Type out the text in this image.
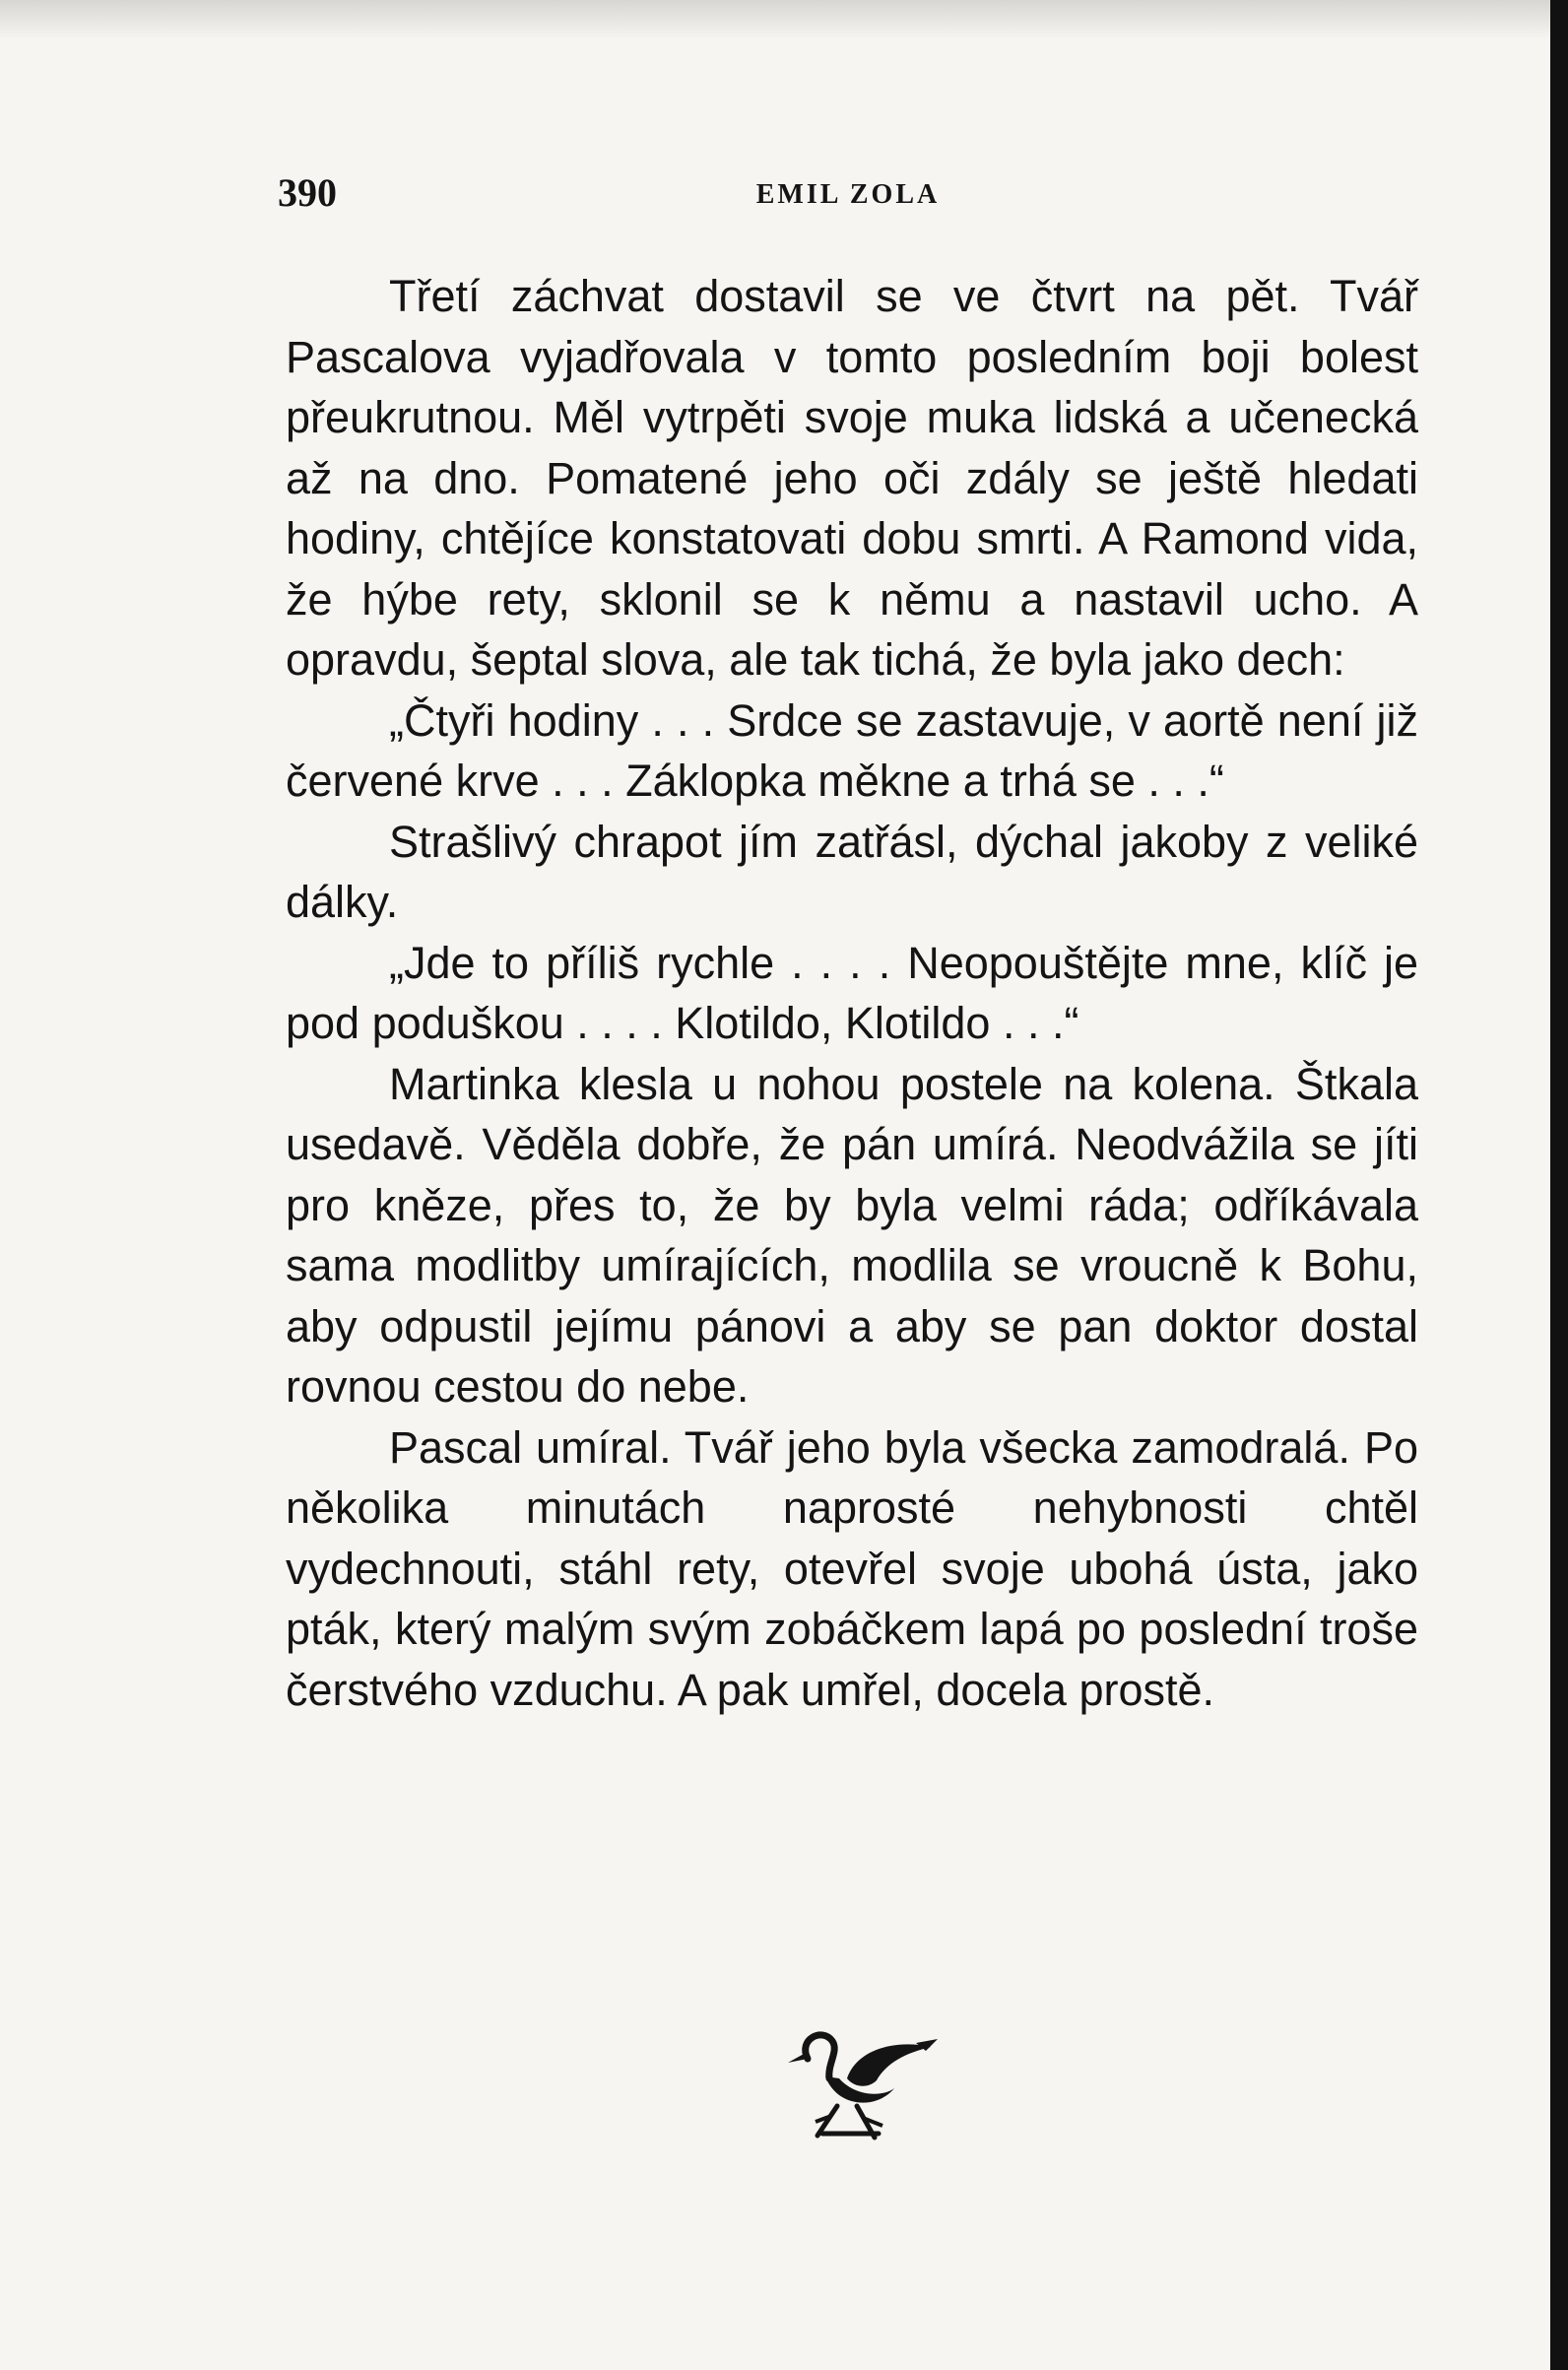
390	EMIL ZOLA

Třetí záchvat dostavil se ve čtvrt na pět. Tvář Pascalova vyjadřovala v tomto posledním boji bolest přeukrutnou. Měl vytrpěti svoje muka lidská a učenecká až na dno. Pomatené jeho oči zdály se ještě hledati hodiny, chtějíce konstatovati dobu smrti. A Ramond vida, že hýbe rety, sklonil se k němu a nastavil ucho. A opravdu, šeptal slova, ale tak tichá, že byla jako dech:

„Čtyři hodiny . . . Srdce se zastavuje, v aortě není již červené krve . . . Záklopka měkne a trhá se . . .“

Strašlivý chrapot jím zatřásl, dýchal jakoby z veliké dálky.

„Jde to příliš rychle . . . . Neopouštějte mne, klíč je pod poduškou . . . . Klotildo, Klotildo . . .“

Martinka klesla u nohou postele na kolena. Štkala usedavě. Věděla dobře, že pán umírá. Neodvážila se jíti pro kněze, přes to, že by byla velmi ráda; odříkávala sama modlitby umírajících, modlila se vroucně k Bohu, aby odpustil jejímu pánovi a aby se pan doktor dostal rovnou cestou do nebe.

Pascal umíral. Tvář jeho byla všecka zamodralá. Po několika minutách naprosté nehybnosti chtěl vydechnouti, stáhl rety, otevřel svoje ubohá ústa, jako pták, který malým svým zobáčkem lapá po poslední troše čerstvého vzduchu. A pak umřel, docela prostě.
